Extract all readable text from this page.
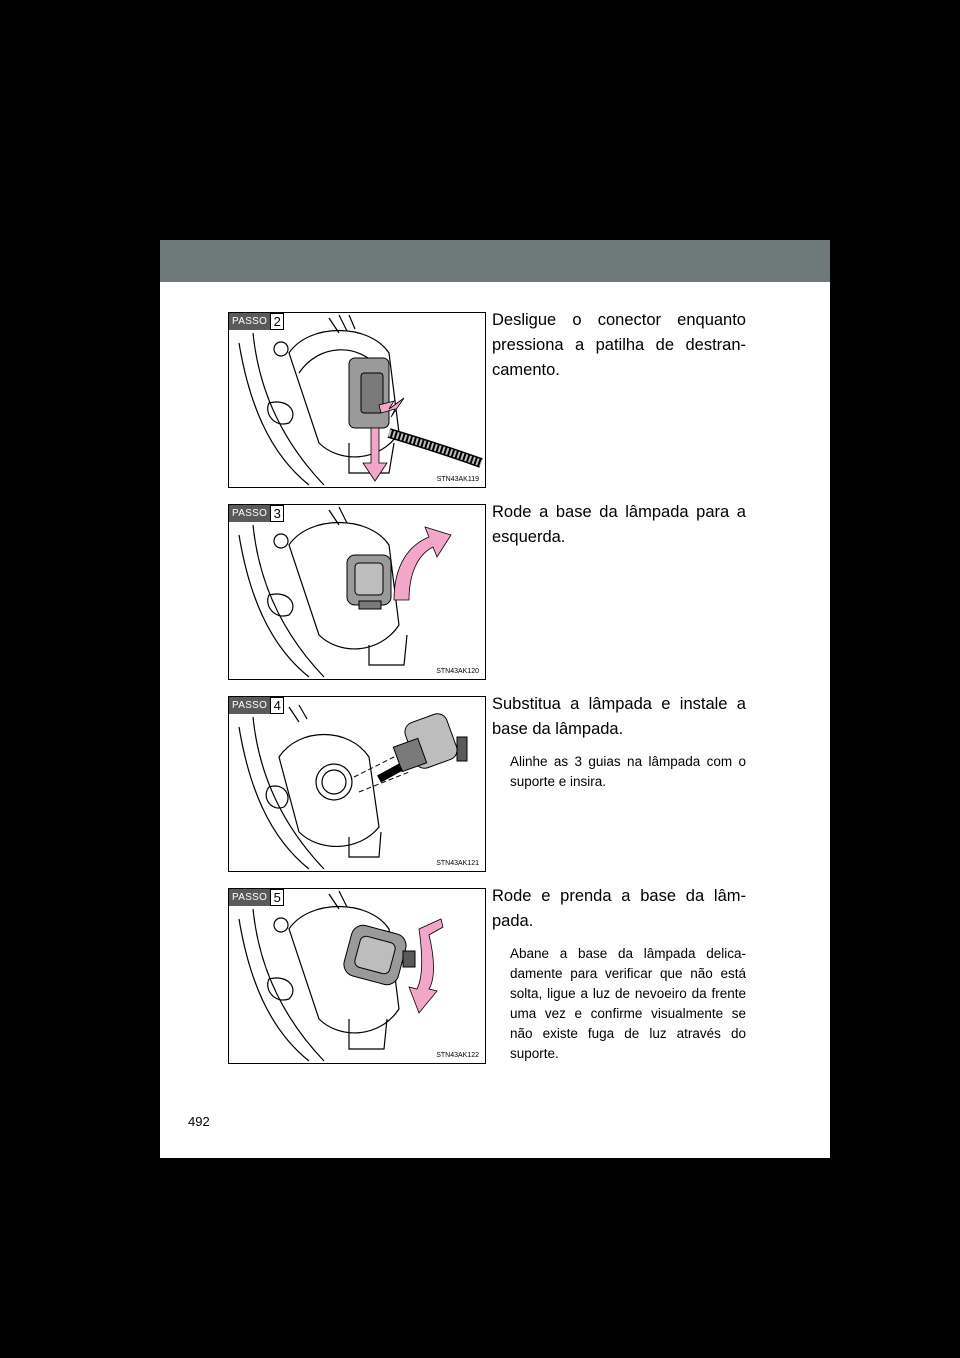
PASSO 2
STN43AK119

Desligue o conector enquanto pressiona a patilha de destran-camento.

PASSO 3
STN43AK120

Rode a base da lâmpada para a esquerda.

PASSO 4
STN43AK121

Substitua a lâmpada e instale a base da lâmpada.

Alinhe as 3 guias na lâmpada com o suporte e insira.

PASSO 5
STN43AK122

Rode e prenda a base da lâm-pada.

Abane a base da lâmpada delica-damente para verificar que não está solta, ligue a luz de nevoeiro da frente uma vez e confirme visualmente se não existe fuga de luz através do suporte.

492
